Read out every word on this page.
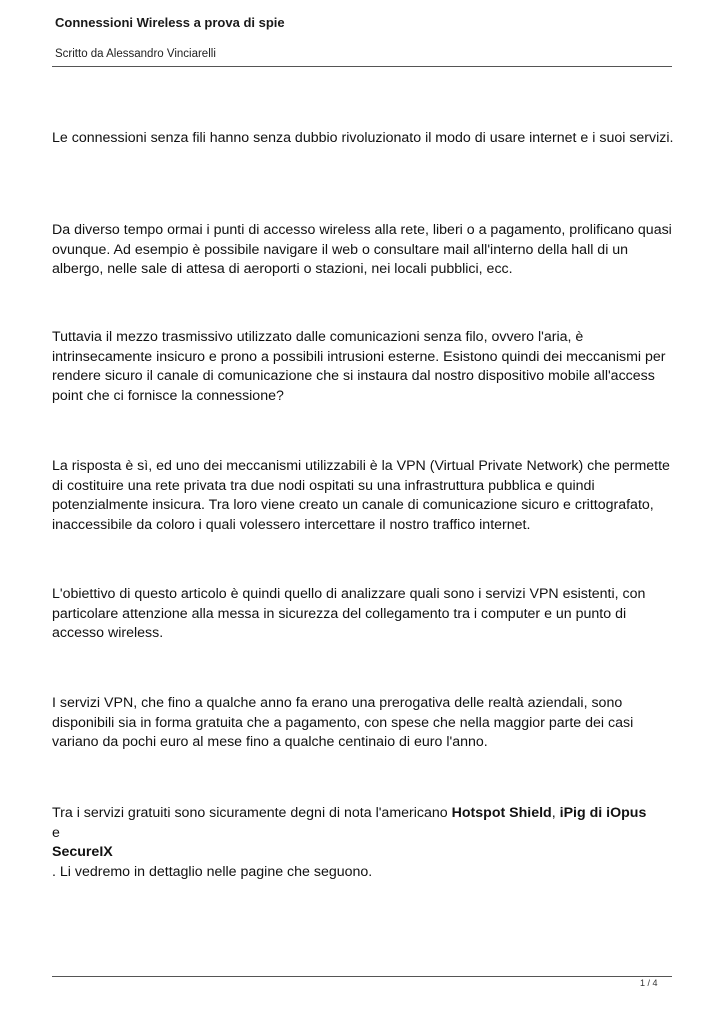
Connessioni Wireless a prova di spie
Scritto da Alessandro Vinciarelli

Le connessioni senza fili hanno senza dubbio rivoluzionato il modo di usare internet e i suoi servizi.

Da diverso tempo ormai i punti di accesso wireless alla rete, liberi o a pagamento, prolificano quasi ovunque. Ad esempio è possibile navigare il web o consultare mail all'interno della hall di un albergo, nelle sale di attesa di aeroporti o stazioni, nei locali pubblici, ecc.

Tuttavia il mezzo trasmissivo utilizzato dalle comunicazioni senza filo, ovvero l'aria, è intrinsecamente insicuro e prono a possibili intrusioni esterne. Esistono quindi dei meccanismi per rendere sicuro il canale di comunicazione che si instaura dal nostro dispositivo mobile all'access point che ci fornisce la connessione?

La risposta è sì, ed uno dei meccanismi utilizzabili è la VPN (Virtual Private Network) che permette di costituire una rete privata tra due nodi ospitati su una infrastruttura pubblica e quindi potenzialmente insicura. Tra loro viene creato un canale di comunicazione sicuro e crittografato, inaccessibile da coloro i quali volessero intercettare il nostro traffico internet.

L'obiettivo di questo articolo è quindi quello di analizzare quali sono i servizi VPN esistenti, con particolare attenzione alla messa in sicurezza del collegamento tra i computer e un punto di accesso wireless.

I servizi VPN, che fino a qualche anno fa erano una prerogativa delle realtà aziendali, sono disponibili sia in forma gratuita che a pagamento, con spese che nella maggior parte dei casi variano da pochi euro al mese fino a qualche centinaio di euro l'anno.

Tra i servizi gratuiti sono sicuramente degni di nota l'americano Hotspot Shield, iPig di iOpus
e
SecureIX
. Li vedremo in dettaglio nelle pagine che seguono.

1 / 4
